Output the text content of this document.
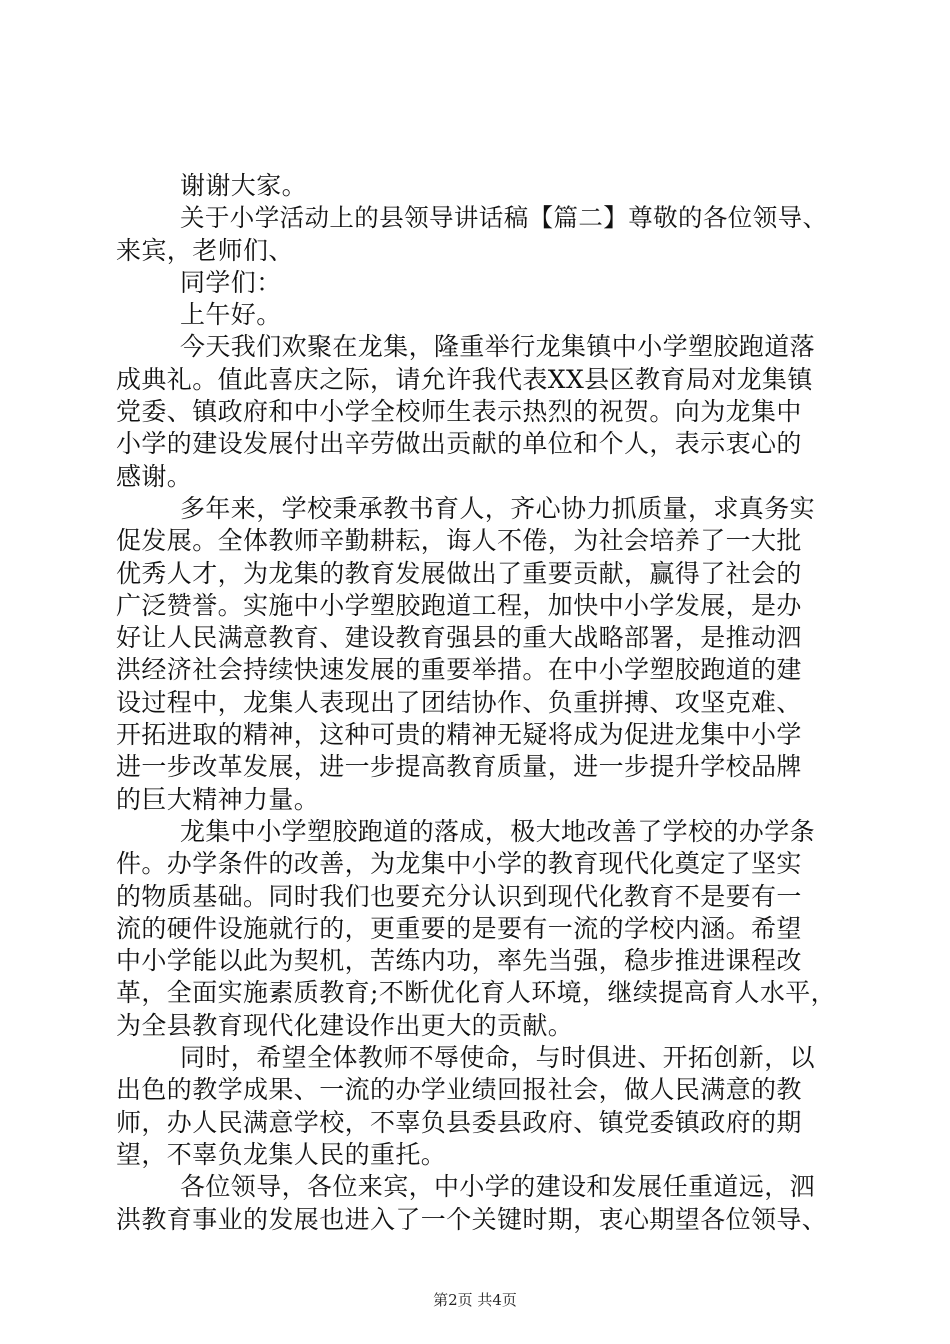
谢谢大家。
关于小学活动上的县领导讲话稿【篇二】尊敬的各位领导、
来宾，老师们、
同学们：
上午好。
今天我们欢聚在龙集，隆重举行龙集镇中小学塑胶跑道落
成典礼。值此喜庆之际，请允许我代表XX县区教育局对龙集镇
党委、镇政府和中小学全校师生表示热烈的祝贺。向为龙集中
小学的建设发展付出辛劳做出贡献的单位和个人，表示衷心的
感谢。
多年来，学校秉承教书育人，齐心协力抓质量，求真务实
促发展。全体教师辛勤耕耘，诲人不倦，为社会培养了一大批
优秀人才，为龙集的教育发展做出了重要贡献，赢得了社会的
广泛赞誉。实施中小学塑胶跑道工程，加快中小学发展，是办
好让人民满意教育、建设教育强县的重大战略部署，是推动泗
洪经济社会持续快速发展的重要举措。在中小学塑胶跑道的建
设过程中，龙集人表现出了团结协作、负重拼搏、攻坚克难、
开拓进取的精神，这种可贵的精神无疑将成为促进龙集中小学
进一步改革发展，进一步提高教育质量，进一步提升学校品牌
的巨大精神力量。
龙集中小学塑胶跑道的落成，极大地改善了学校的办学条
件。办学条件的改善，为龙集中小学的教育现代化奠定了坚实
的物质基础。同时我们也要充分认识到现代化教育不是要有一
流的硬件设施就行的，更重要的是要有一流的学校内涵。希望
中小学能以此为契机，苦练内功，率先当强，稳步推进课程改
革，全面实施素质教育;不断优化育人环境，继续提高育人水平，
为全县教育现代化建设作出更大的贡献。
同时，希望全体教师不辱使命，与时俱进、开拓创新，以
出色的教学成果、一流的办学业绩回报社会，做人民满意的教
师，办人民满意学校，不辜负县委县政府、镇党委镇政府的期
望，不辜负龙集人民的重托。
各位领导，各位来宾，中小学的建设和发展任重道远，泗
洪教育事业的发展也进入了一个关键时期，衷心期望各位领导、
第2页 共4页
